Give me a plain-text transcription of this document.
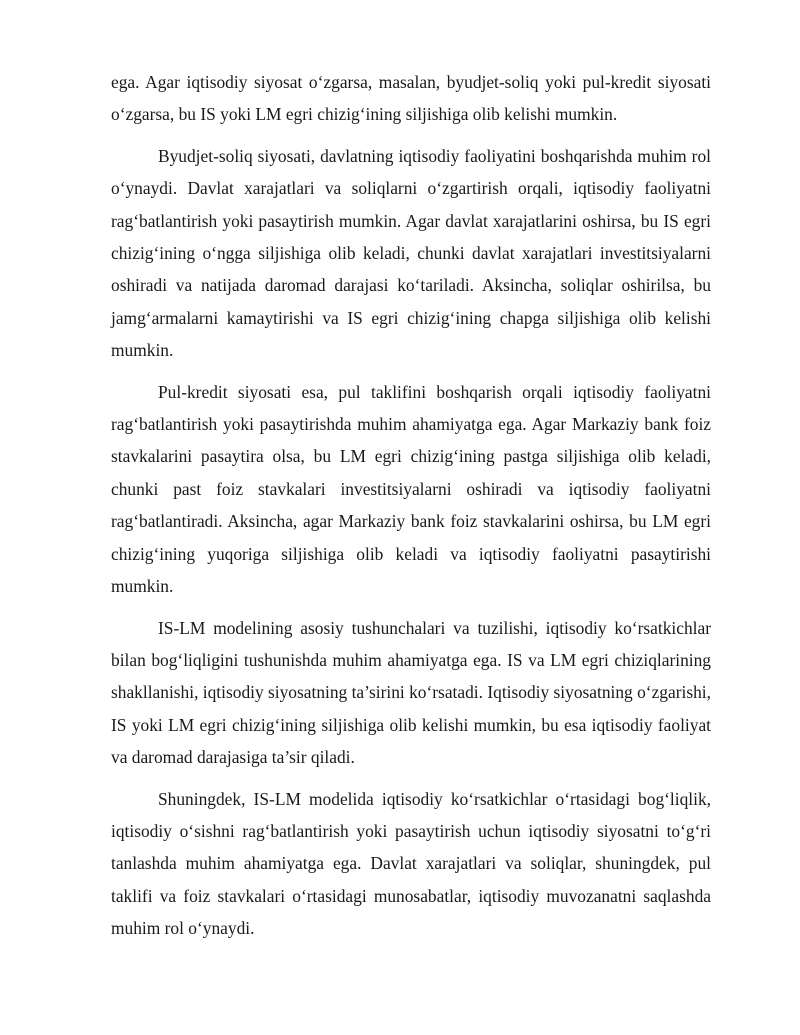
ega. Agar iqtisodiy siyosat o‘zgarsa, masalan, byudjet-soliq yoki pul-kredit siyosati o‘zgarsa, bu IS yoki LM egri chizig‘ining siljishiga olib kelishi mumkin.

Byudjet-soliq siyosati, davlatning iqtisodiy faoliyatini boshqarishda muhim rol o‘ynaydi. Davlat xarajatlari va soliqlarni o‘zgartirish orqali, iqtisodiy faoliyatni rag‘batlantirish yoki pasaytirish mumkin. Agar davlat xarajatlarini oshirsa, bu IS egri chizig‘ining o‘ngga siljishiga olib keladi, chunki davlat xarajatlari investitsiyalarni oshiradi va natijada daromad darajasi ko‘tariladi. Aksincha, soliqlar oshirilsa, bu jamg‘armalarni kamaytirishi va IS egri chizig‘ining chapga siljishiga olib kelishi mumkin.

Pul-kredit siyosati esa, pul taklifini boshqarish orqali iqtisodiy faoliyatni rag‘batlantirish yoki pasaytirishda muhim ahamiyatga ega. Agar Markaziy bank foiz stavkalarini pasaytira olsa, bu LM egri chizig‘ining pastga siljishiga olib keladi, chunki past foiz stavkalari investitsiyalarni oshiradi va iqtisodiy faoliyatni rag‘batlantiradi. Aksincha, agar Markaziy bank foiz stavkalarini oshirsa, bu LM egri chizig‘ining yuqoriga siljishiga olib keladi va iqtisodiy faoliyatni pasaytirishi mumkin.

IS-LM modelining asosiy tushunchalari va tuzilishi, iqtisodiy ko‘rsatkichlar bilan bog‘liqligini tushunishda muhim ahamiyatga ega. IS va LM egri chiziqlarining shakllanishi, iqtisodiy siyosatning ta’sirini ko‘rsatadi. Iqtisodiy siyosatning o‘zgarishi, IS yoki LM egri chizig‘ining siljishiga olib kelishi mumkin, bu esa iqtisodiy faoliyat va daromad darajasiga ta’sir qiladi.

Shuningdek, IS-LM modelida iqtisodiy ko‘rsatkichlar o‘rtasidagi bog‘liqlik, iqtisodiy o‘sishni rag‘batlantirish yoki pasaytirish uchun iqtisodiy siyosatni to‘g‘ri tanlashda muhim ahamiyatga ega. Davlat xarajatlari va soliqlar, shuningdek, pul taklifi va foiz stavkalari o‘rtasidagi munosabatlar, iqtisodiy muvozanatni saqlashda muhim rol o‘ynaydi.
